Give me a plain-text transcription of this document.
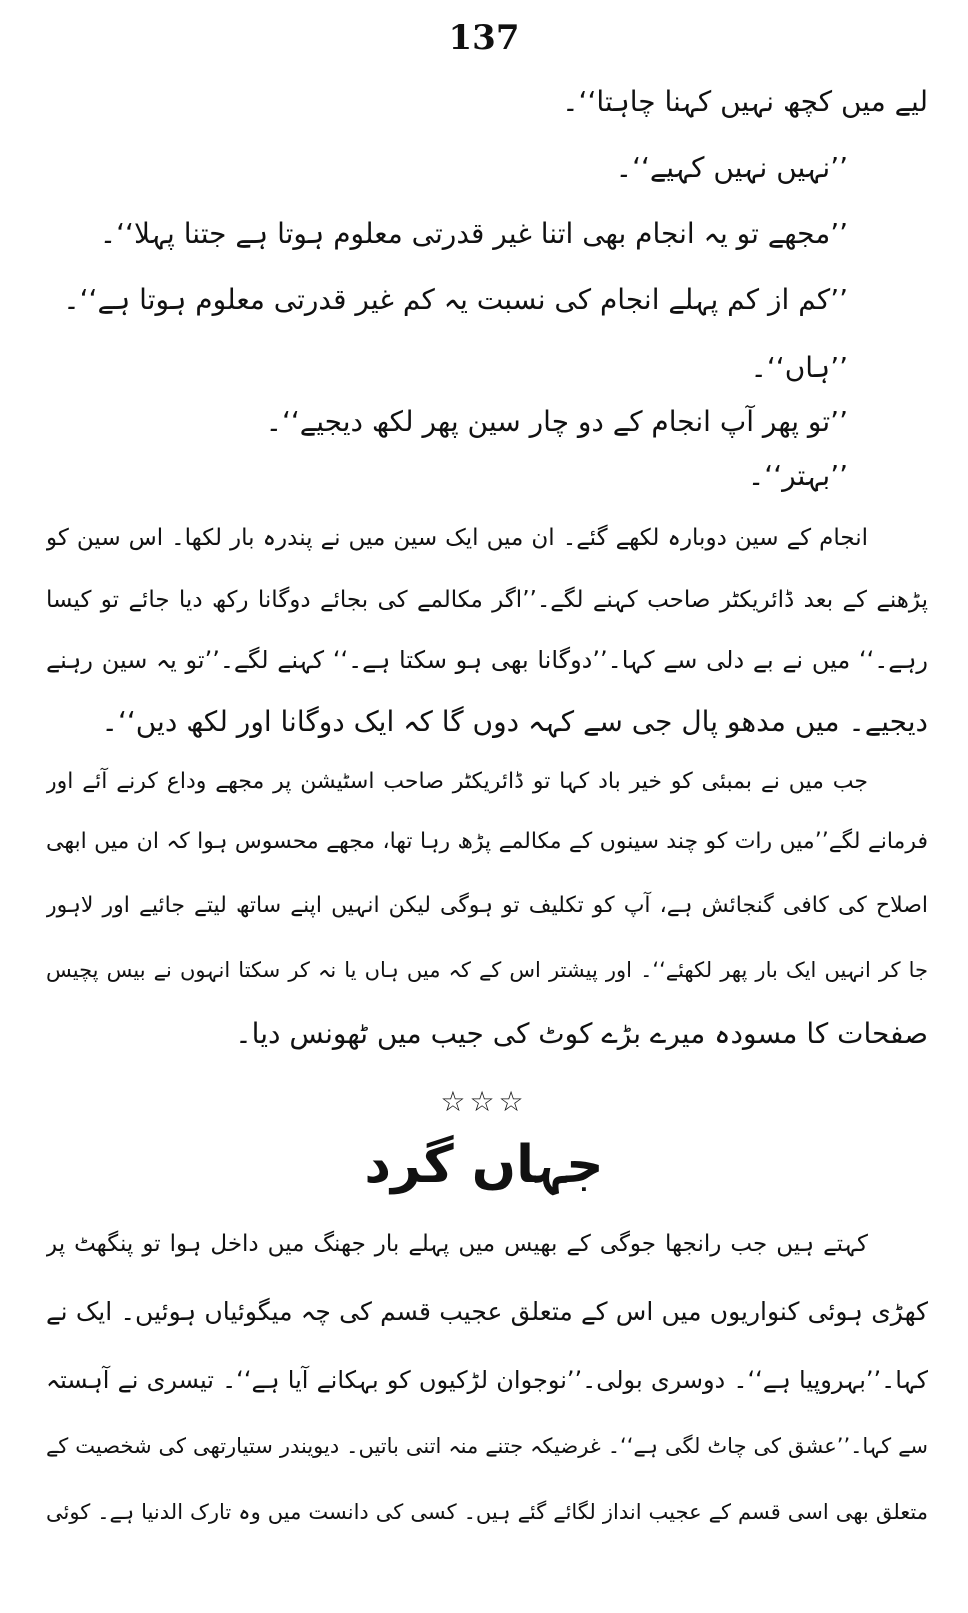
137
لیے میں کچھ نہیں کہنا چاہتا‘‘۔
’’نہیں نہیں کہیے‘‘۔
’’مجھے تو یہ انجام بھی اتنا غیر قدرتی معلوم ہوتا ہے جتنا پہلا‘‘۔
’’کم از کم پہلے انجام کی نسبت یہ کم غیر قدرتی معلوم ہوتا ہے‘‘۔
’’ہاں‘‘۔
’’تو پھر آپ انجام کے دو چار سین پھر لکھ دیجیے‘‘۔
’’بہتر‘‘۔
انجام کے سین دوبارہ لکھے گئے۔ ان میں ایک سین میں نے پندرہ بار لکھا۔ اس سین کو
پڑھنے کے بعد ڈائریکٹر صاحب کہنے لگے۔’’اگر مکالمے کی بجائے دوگانا رکھ دیا جائے تو کیسا
رہے۔‘‘ میں نے بے دلی سے کہا۔’’دوگانا بھی ہو سکتا ہے۔‘‘ کہنے لگے۔’’تو یہ سین رہنے
دیجیے۔ میں مدھو پال جی سے کہہ دوں گا کہ ایک دوگانا اور لکھ دیں‘‘۔
جب میں نے بمبئی کو خیر باد کہا تو ڈائریکٹر صاحب اسٹیشن پر مجھے وداع کرنے آئے اور
فرمانے لگے’’میں رات کو چند سینوں کے مکالمے پڑھ رہا تھا، مجھے محسوس ہوا کہ ان میں ابھی
اصلاح کی کافی گنجائش ہے، آپ کو تکلیف تو ہوگی لیکن انہیں اپنے ساتھ لیتے جائیے اور لاہور
جا کر انہیں ایک بار پھر لکھئے‘‘۔ اور پیشتر اس کے کہ میں ہاں یا نہ کر سکتا انہوں نے بیس پچیس
صفحات کا مسودہ میرے بڑے کوٹ کی جیب میں ٹھونس دیا۔
☆☆☆
جہاں گرد
کہتے ہیں جب رانجھا جوگی کے بھیس میں پہلے بار جھنگ میں داخل ہوا تو پنگھٹ پر
کھڑی ہوئی کنواریوں میں اس کے متعلق عجیب قسم کی چہ میگوئیاں ہوئیں۔ ایک نے
کہا۔’’بہروپیا ہے‘‘۔ دوسری بولی۔’’نوجوان لڑکیوں کو بہکانے آیا ہے‘‘۔ تیسری نے آہستہ
سے کہا۔’’عشق کی چاٹ لگی ہے‘‘۔ غرضیکہ جتنے منہ اتنی باتیں۔ دیویندر ستیارتھی کی شخصیت کے
متعلق بھی اسی قسم کے عجیب انداز لگائے گئے ہیں۔ کسی کی دانست میں وہ تارک الدنیا ہے۔ کوئی
